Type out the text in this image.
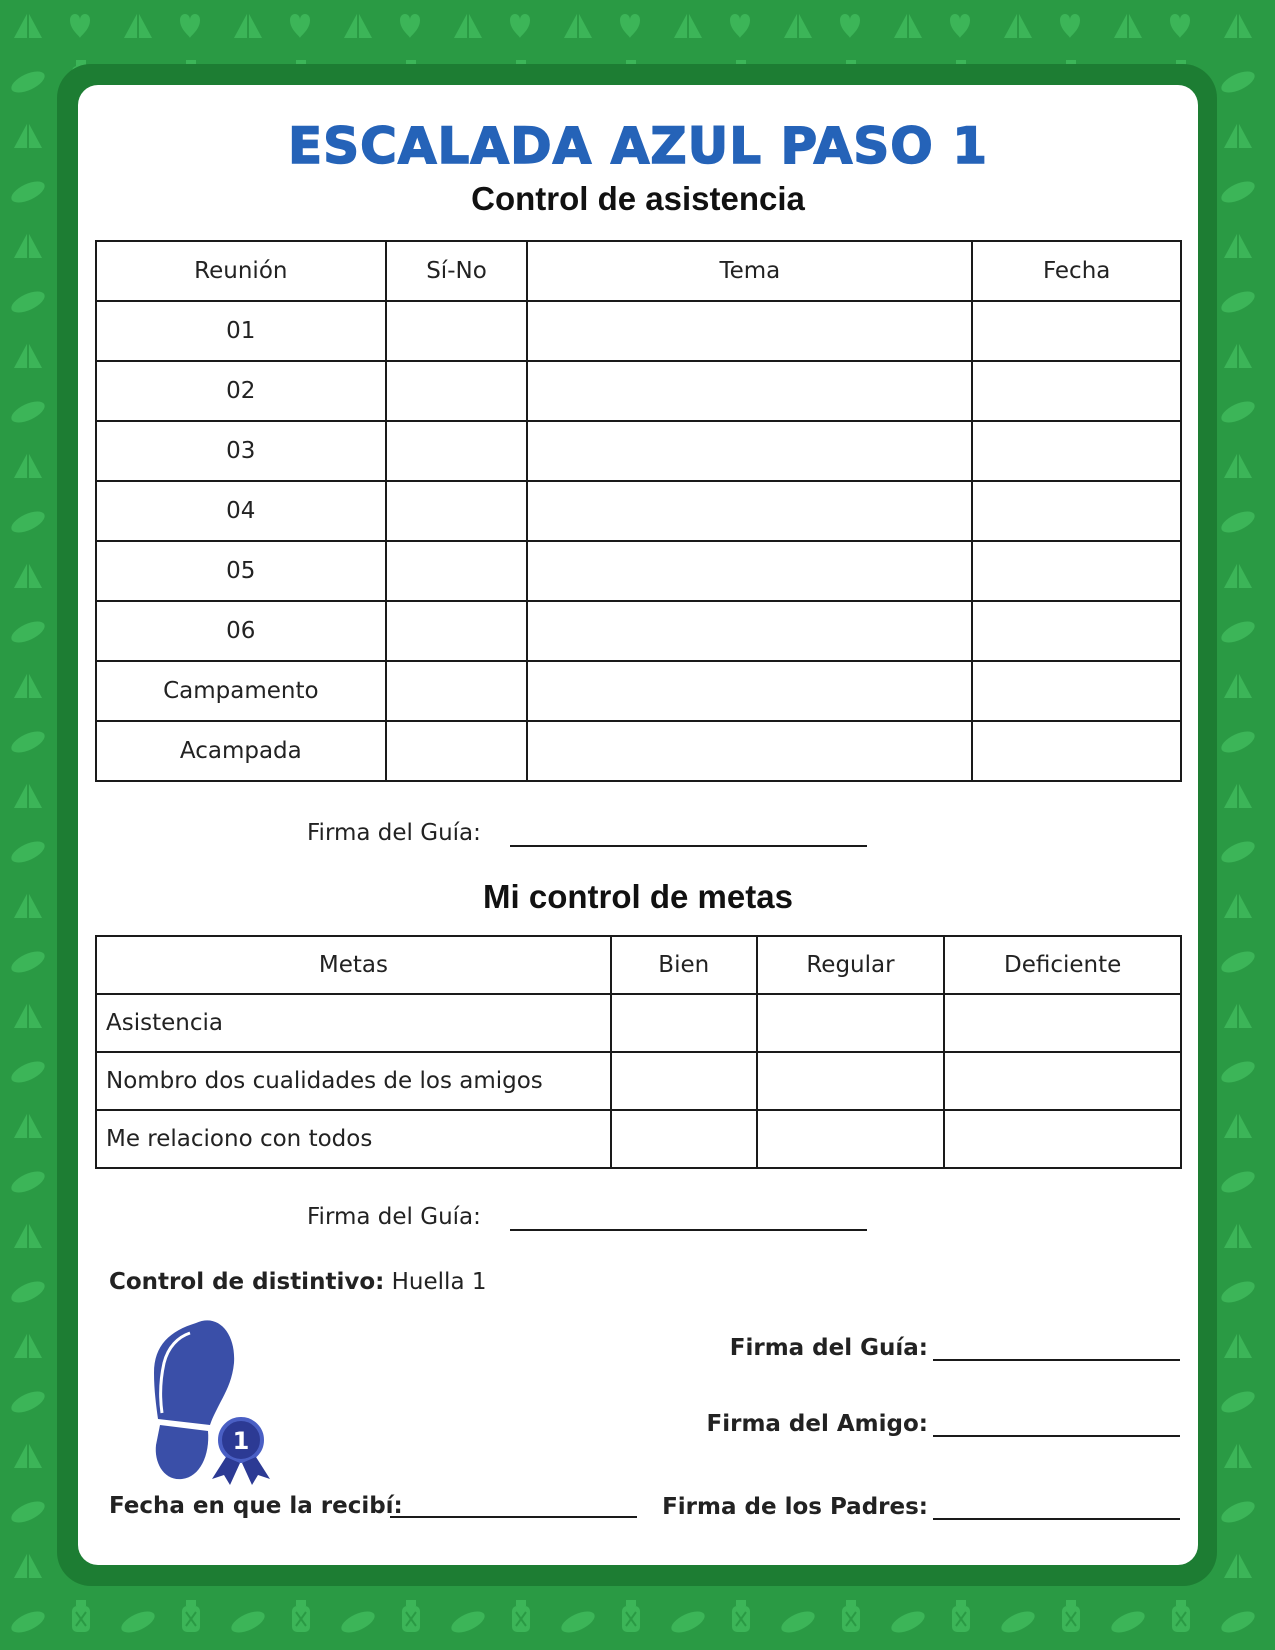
ESCALADA AZUL PASO 1
Control de asistencia
Reunión	Sí-No	Tema	Fecha
01			
02			
03			
04			
05			
06			
Campamento			
Acampada			
Firma del Guía:
Mi control de metas
Metas	Bien	Regular	Deficiente
Asistencia			
Nombro dos cualidades de los amigos			
Me relaciono con todos			
Firma del Guía:
Control de distintivo: Huella 1
1
Fecha en que la recibí:
Firma del Guía:
Firma del Amigo:
Firma de los Padres:
